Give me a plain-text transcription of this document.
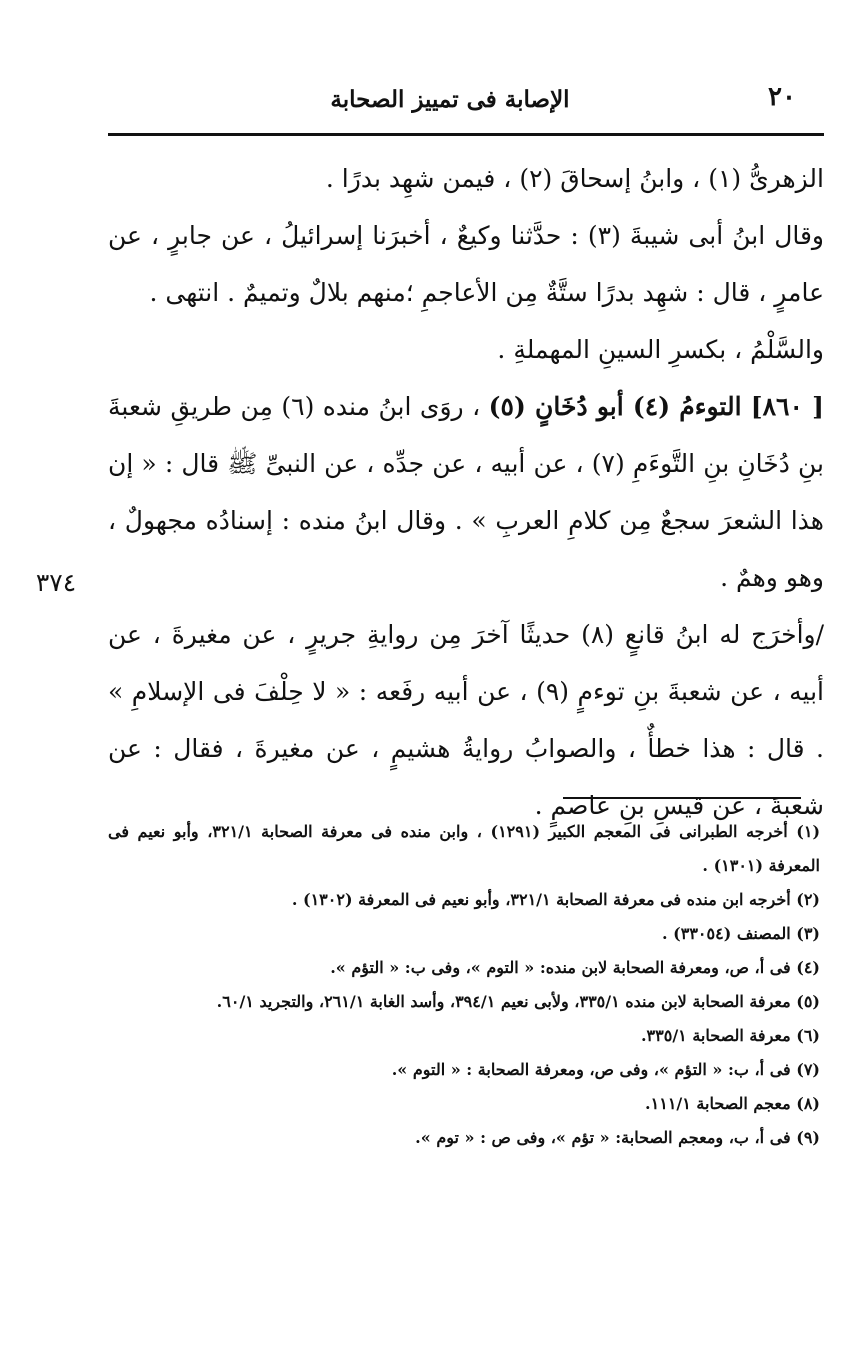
٢٠
الإصابة فى تمييز الصحابة

الزهرىُّ (١) ، وابنُ إسحاقَ (٢) ، فيمن شهِد بدرًا .

وقال ابنُ أبى شيبةَ (٣) : حدَّثنا وكيعٌ ، أخبرَنا إسرائيلُ ، عن جابرٍ ، عن عامرٍ ، قال : شهِد بدرًا ستَّةٌ مِن الأعاجمِ ؛منهم بلالٌ وتميمٌ . انتهى .

والسَّلْمُ ، بكسرِ السينِ المهملةِ .

[ ٨٦٠] التوءمُ (٤) أبو دُخَانٍ (٥) ، روَى ابنُ منده (٦) مِن طريقِ شعبةَ بنِ دُخَانِ بنِ التَّوءَمِ (٧) ، عن أبيه ، عن جدِّه ، عن النبىِّ ﷺ قال : « إن هذا الشعرَ سجعٌ مِن كلامِ العربِ » . وقال ابنُ منده : إسنادُه مجهولٌ ، وهو وهمٌ .

/وأخرَج له ابنُ قانعٍ (٨) حديثًا آخرَ مِن روايةِ جريرٍ ، عن مغيرةَ ، عن أبيه ، عن شعبةَ بنِ توءمٍ (٩) ، عن أبيه رفَعه : « لا حِلْفَ فى الإسلامِ » . قال : هذا خطأٌ ، والصوابُ روايةُ هشيمٍ ، عن مغيرةَ ، فقال : عن شعبةَ ، عن قيسِ بنِ عاصمٍ .

٣٧٤

(١) أخرجه الطبرانى فى المعجم الكبير (١٢٩١) ، وابن منده فى معرفة الصحابة ٣٢١/١، وأبو نعيم فى المعرفة (١٣٠١) .

(٢) أخرجه ابن منده فى معرفة الصحابة ٣٢١/١، وأبو نعيم فى المعرفة (١٣٠٢) .

(٣) المصنف (٣٣٠٥٤) .

(٤) فى أ، ص، ومعرفة الصحابة لابن منده: « التوم »، وفى ب: « التؤم ».

(٥) معرفة الصحابة لابن منده ٣٣٥/١، ولأبى نعيم ٣٩٤/١، وأسد الغابة ٢٦١/١، والتجريد ٦٠/١.

(٦) معرفة الصحابة ٣٣٥/١.

(٧) فى أ، ب: « التؤم »، وفى ص، ومعرفة الصحابة : « التوم ».

(٨) معجم الصحابة ١١١/١.

(٩) فى أ، ب، ومعجم الصحابة: « تؤم »، وفى ص : « توم ».
